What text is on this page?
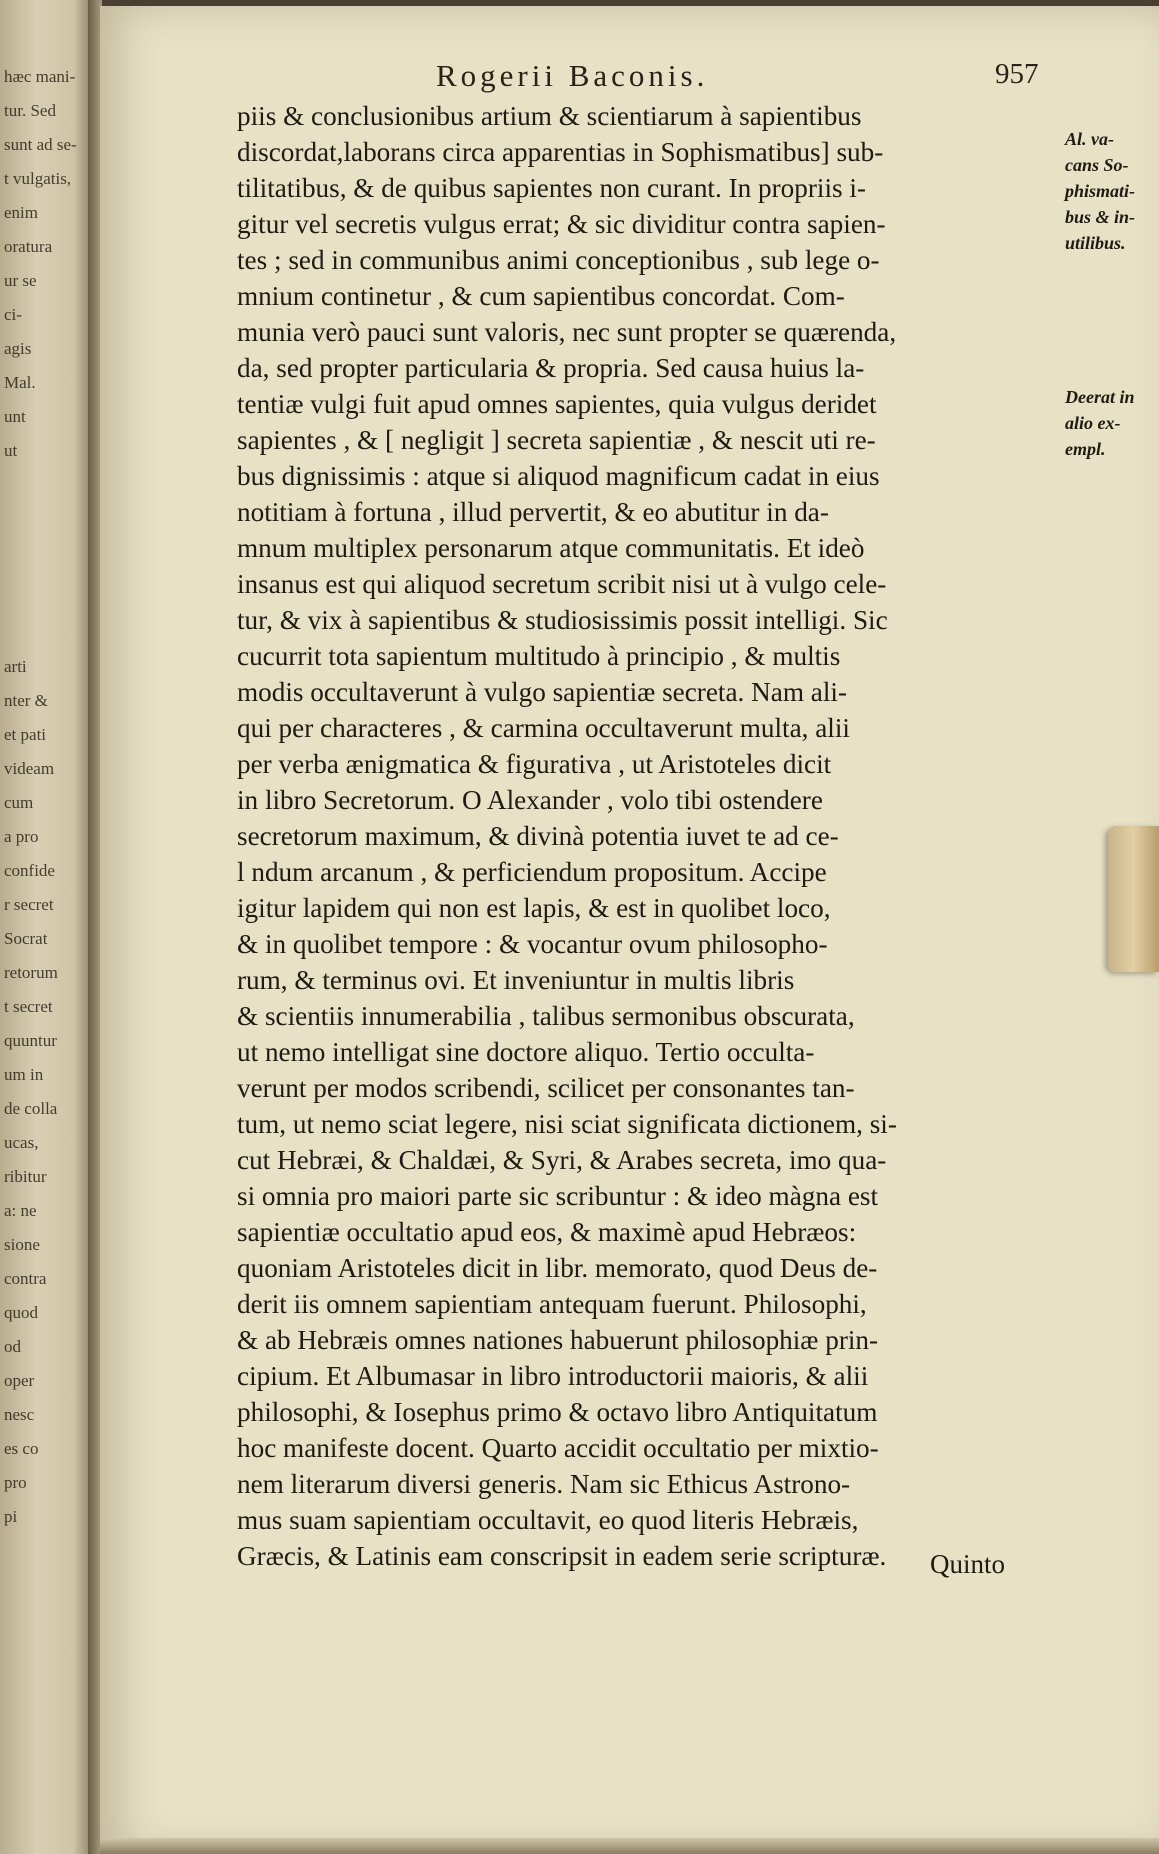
hæc mani-
tur. Sed
sunt ad se-
t vulgatis,
enim
oratura
ur se
ci-
agis
Mal.
unt
ut
arti
nter &
et pati
videam
cum
a pro
confide
r secret
Socrat
retorum
t secret
quuntur
um in
de colla
ucas,
ribitur
a: ne
sione
contra
quod
od
oper
nesc
es co
pro
pi
Rogerii Baconis.	957
piis & conclusionibus artium & scientiarum à sapientibus
discordat,laborans circa apparentias in Sophismatibus] sub-
tilitatibus, & de quibus sapientes non curant. In propriis i-
gitur vel secretis vulgus errat; & sic dividitur contra sapien-
tes ; sed in communibus animi conceptionibus , sub lege o-
mnium continetur , & cum sapientibus concordat. Com-
munia verò pauci sunt valoris, nec sunt propter se quærenda,
da, sed propter particularia & propria. Sed causa huius la-
tentiæ vulgi fuit apud omnes sapientes, quia vulgus deridet
sapientes , & [ negligit ] secreta sapientiæ , & nescit uti re-
bus dignissimis : atque si aliquod magnificum cadat in eius
notitiam à fortuna , illud pervertit, & eo abutitur in da-
mnum multiplex personarum atque communitatis. Et ideò
insanus est qui aliquod secretum scribit nisi ut à vulgo cele-
tur, & vix à sapientibus & studiosissimis possit intelligi. Sic
cucurrit tota sapientum multitudo à principio , & multis
modis occultaverunt à vulgo sapientiæ secreta. Nam ali-
qui per characteres , & carmina occultaverunt multa, alii
per verba ænigmatica & figurativa , ut Aristoteles dicit
in libro Secretorum. O Alexander , volo tibi ostendere
secretorum maximum, & divinà potentia iuvet te ad ce-
l ndum arcanum , & perficiendum propositum. Accipe
igitur lapidem qui non est lapis, & est in quolibet loco,
& in quolibet tempore : & vocantur ovum philosopho-
rum, & terminus ovi. Et inveniuntur in multis libris
& scientiis innumerabilia , talibus sermonibus obscurata,
ut nemo intelligat sine doctore aliquo. Tertio occulta-
verunt per modos scribendi, scilicet per consonantes tan-
tum, ut nemo sciat legere, nisi sciat significata dictionem, si-
cut Hebræi, & Chaldæi, & Syri, & Arabes secreta, imo qua-
si omnia pro maiori parte sic scribuntur : & ideo màgna est
sapientiæ occultatio apud eos, & maximè apud Hebræos:
quoniam Aristoteles dicit in libr. memorato, quod Deus de-
derit iis omnem sapientiam antequam fuerunt. Philosophi,
& ab Hebræis omnes nationes habuerunt philosophiæ prin-
cipium. Et Albumasar in libro introductorii maioris, & alii
philosophi, & Iosephus primo & octavo libro Antiquitatum
hoc manifeste docent. Quarto accidit occultatio per mixtio-
nem literarum diversi generis. Nam sic Ethicus Astrono-
mus suam sapientiam occultavit, eo quod literis Hebræis,
Græcis, & Latinis eam conscripsit in eadem serie scripturæ.	Quinto
Al. va-
cans So-
phismati-
bus & in-
utilibus.
Deerat in
alio ex-
empl.
